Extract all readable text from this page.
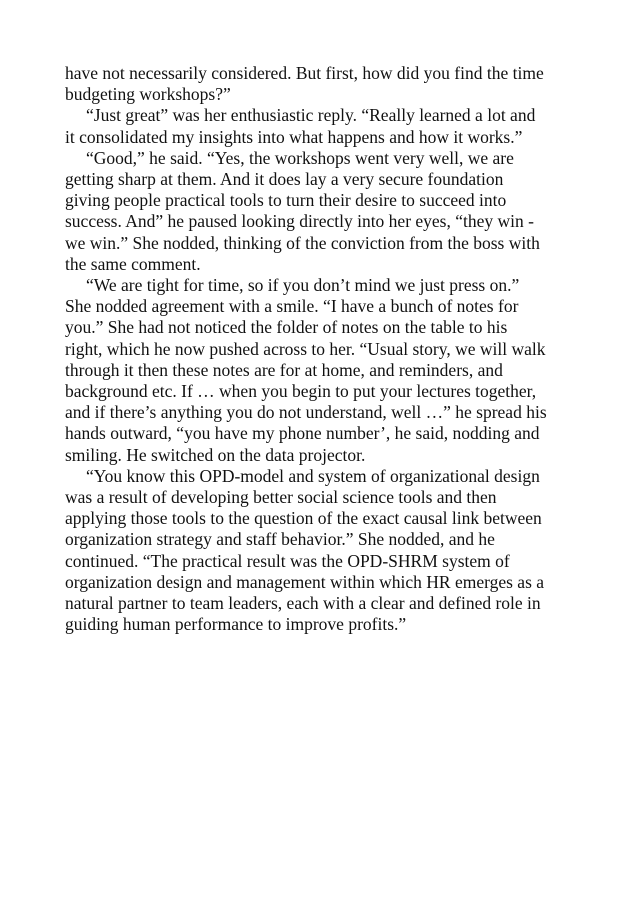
have not necessarily considered. But first, how did you find the time
budgeting workshops?”

“Just great” was her enthusiastic reply. “Really learned a lot and
it consolidated my insights into what happens and how it works.”

“Good,” he said. “Yes, the workshops went very well, we are
getting sharp at them. And it does lay a very secure foundation
giving people practical tools to turn their desire to succeed into
success. And” he paused looking directly into her eyes, “they win -
we win.” She nodded, thinking of the conviction from the boss with
the same comment.

“We are tight for time, so if you don’t mind we just press on.”
She nodded agreement with a smile. “I have a bunch of notes for
you.” She had not noticed the folder of notes on the table to his
right, which he now pushed across to her. “Usual story, we will walk
through it then these notes are for at home, and reminders, and
background etc. If … when you begin to put your lectures together,
and if there’s anything you do not understand, well …” he spread his
hands outward, “you have my phone number’, he said, nodding and
smiling. He switched on the data projector.

“You know this OPD-model and system of organizational design
was a result of developing better social science tools and then
applying those tools to the question of the exact causal link between
organization strategy and staff behavior.” She nodded, and he
continued. “The practical result was the OPD-SHRM system of
organization design and management within which HR emerges as a
natural partner to team leaders, each with a clear and defined role in
guiding human performance to improve profits.”
